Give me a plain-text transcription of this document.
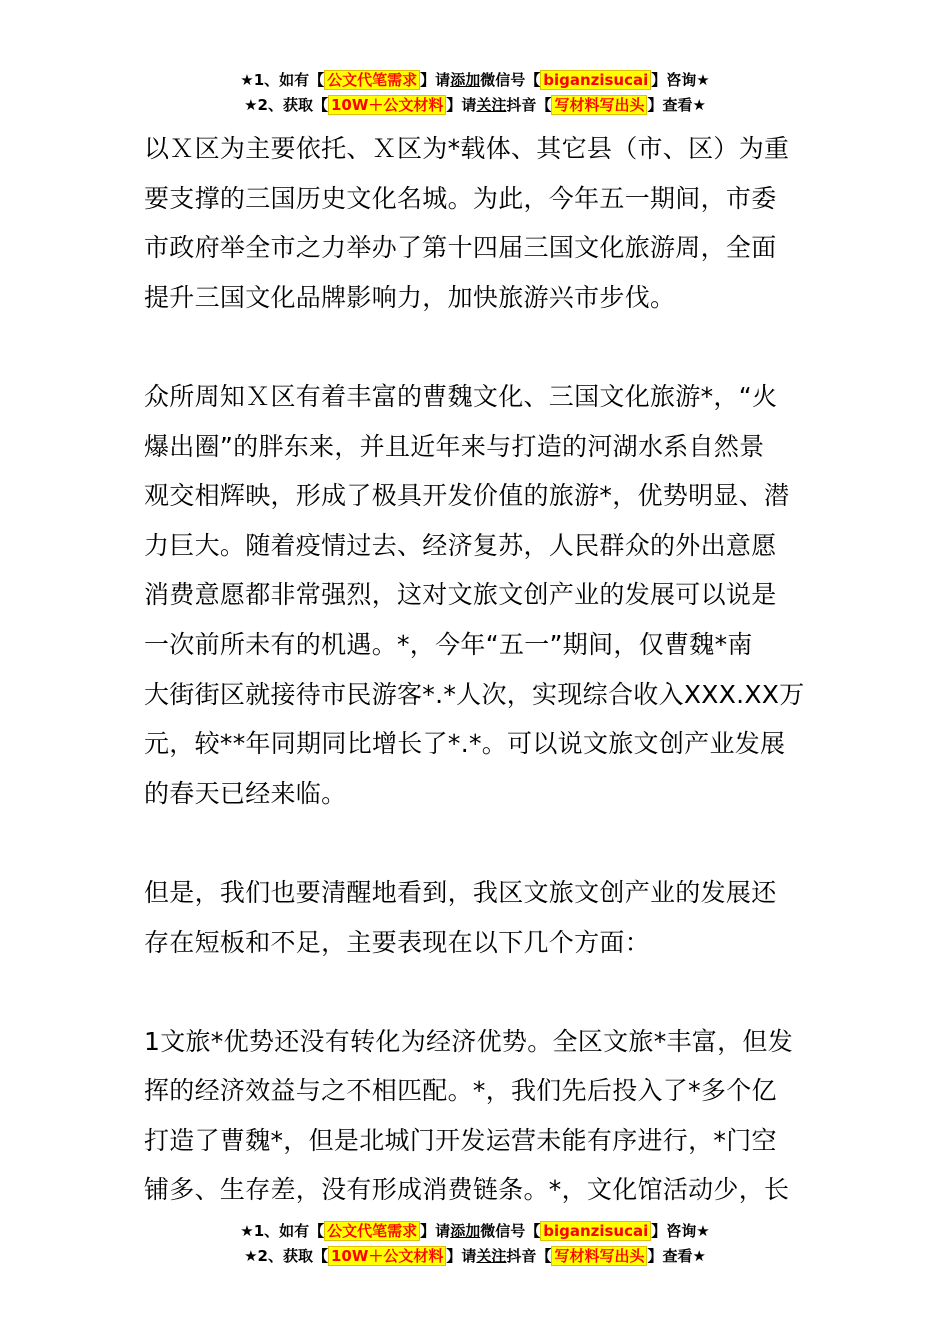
★1、如有【 公文代笔需求 】请添加微信号【 biganzisucai 】咨询★
★2、获取【 10W＋公文材料 】请关注抖音【 写材料写出头 】查看★
以Ｘ区为主要依托、Ｘ区为*载体、其它县（市、区）为重
要支撑的三国历史文化名城。为此，今年五一期间，市委
市政府举全市之力举办了第十四届三国文化旅游周，全面
提升三国文化品牌影响力，加快旅游兴市步伐。
众所周知Ｘ区有着丰富的曹魏文化、三国文化旅游*，“火
爆出圈”的胖东来，并且近年来与打造的河湖水系自然景
观交相辉映，形成了极具开发价值的旅游*，优势明显、潜
力巨大。随着疫情过去、经济复苏，人民群众的外出意愿
消费意愿都非常强烈，这对文旅文创产业的发展可以说是
一次前所未有的机遇。*，今年“五一”期间，仅曹魏*南
大街街区就接待市民游客*.*人次，实现综合收入XXX.XX万
元，较**年同期同比增长了*.*。可以说文旅文创产业发展
的春天已经来临。
但是，我们也要清醒地看到，我区文旅文创产业的发展还
存在短板和不足，主要表现在以下几个方面：
1文旅*优势还没有转化为经济优势。全区文旅*丰富，但发
挥的经济效益与之不相匹配。*，我们先后投入了*多个亿
打造了曹魏*，但是北城门开发运营未能有序进行，*门空
铺多、生存差，没有形成消费链条。*，文化馆活动少，长
★1、如有【 公文代笔需求 】请添加微信号【 biganzisucai 】咨询★
★2、获取【 10W＋公文材料 】请关注抖音【 写材料写出头 】查看★
